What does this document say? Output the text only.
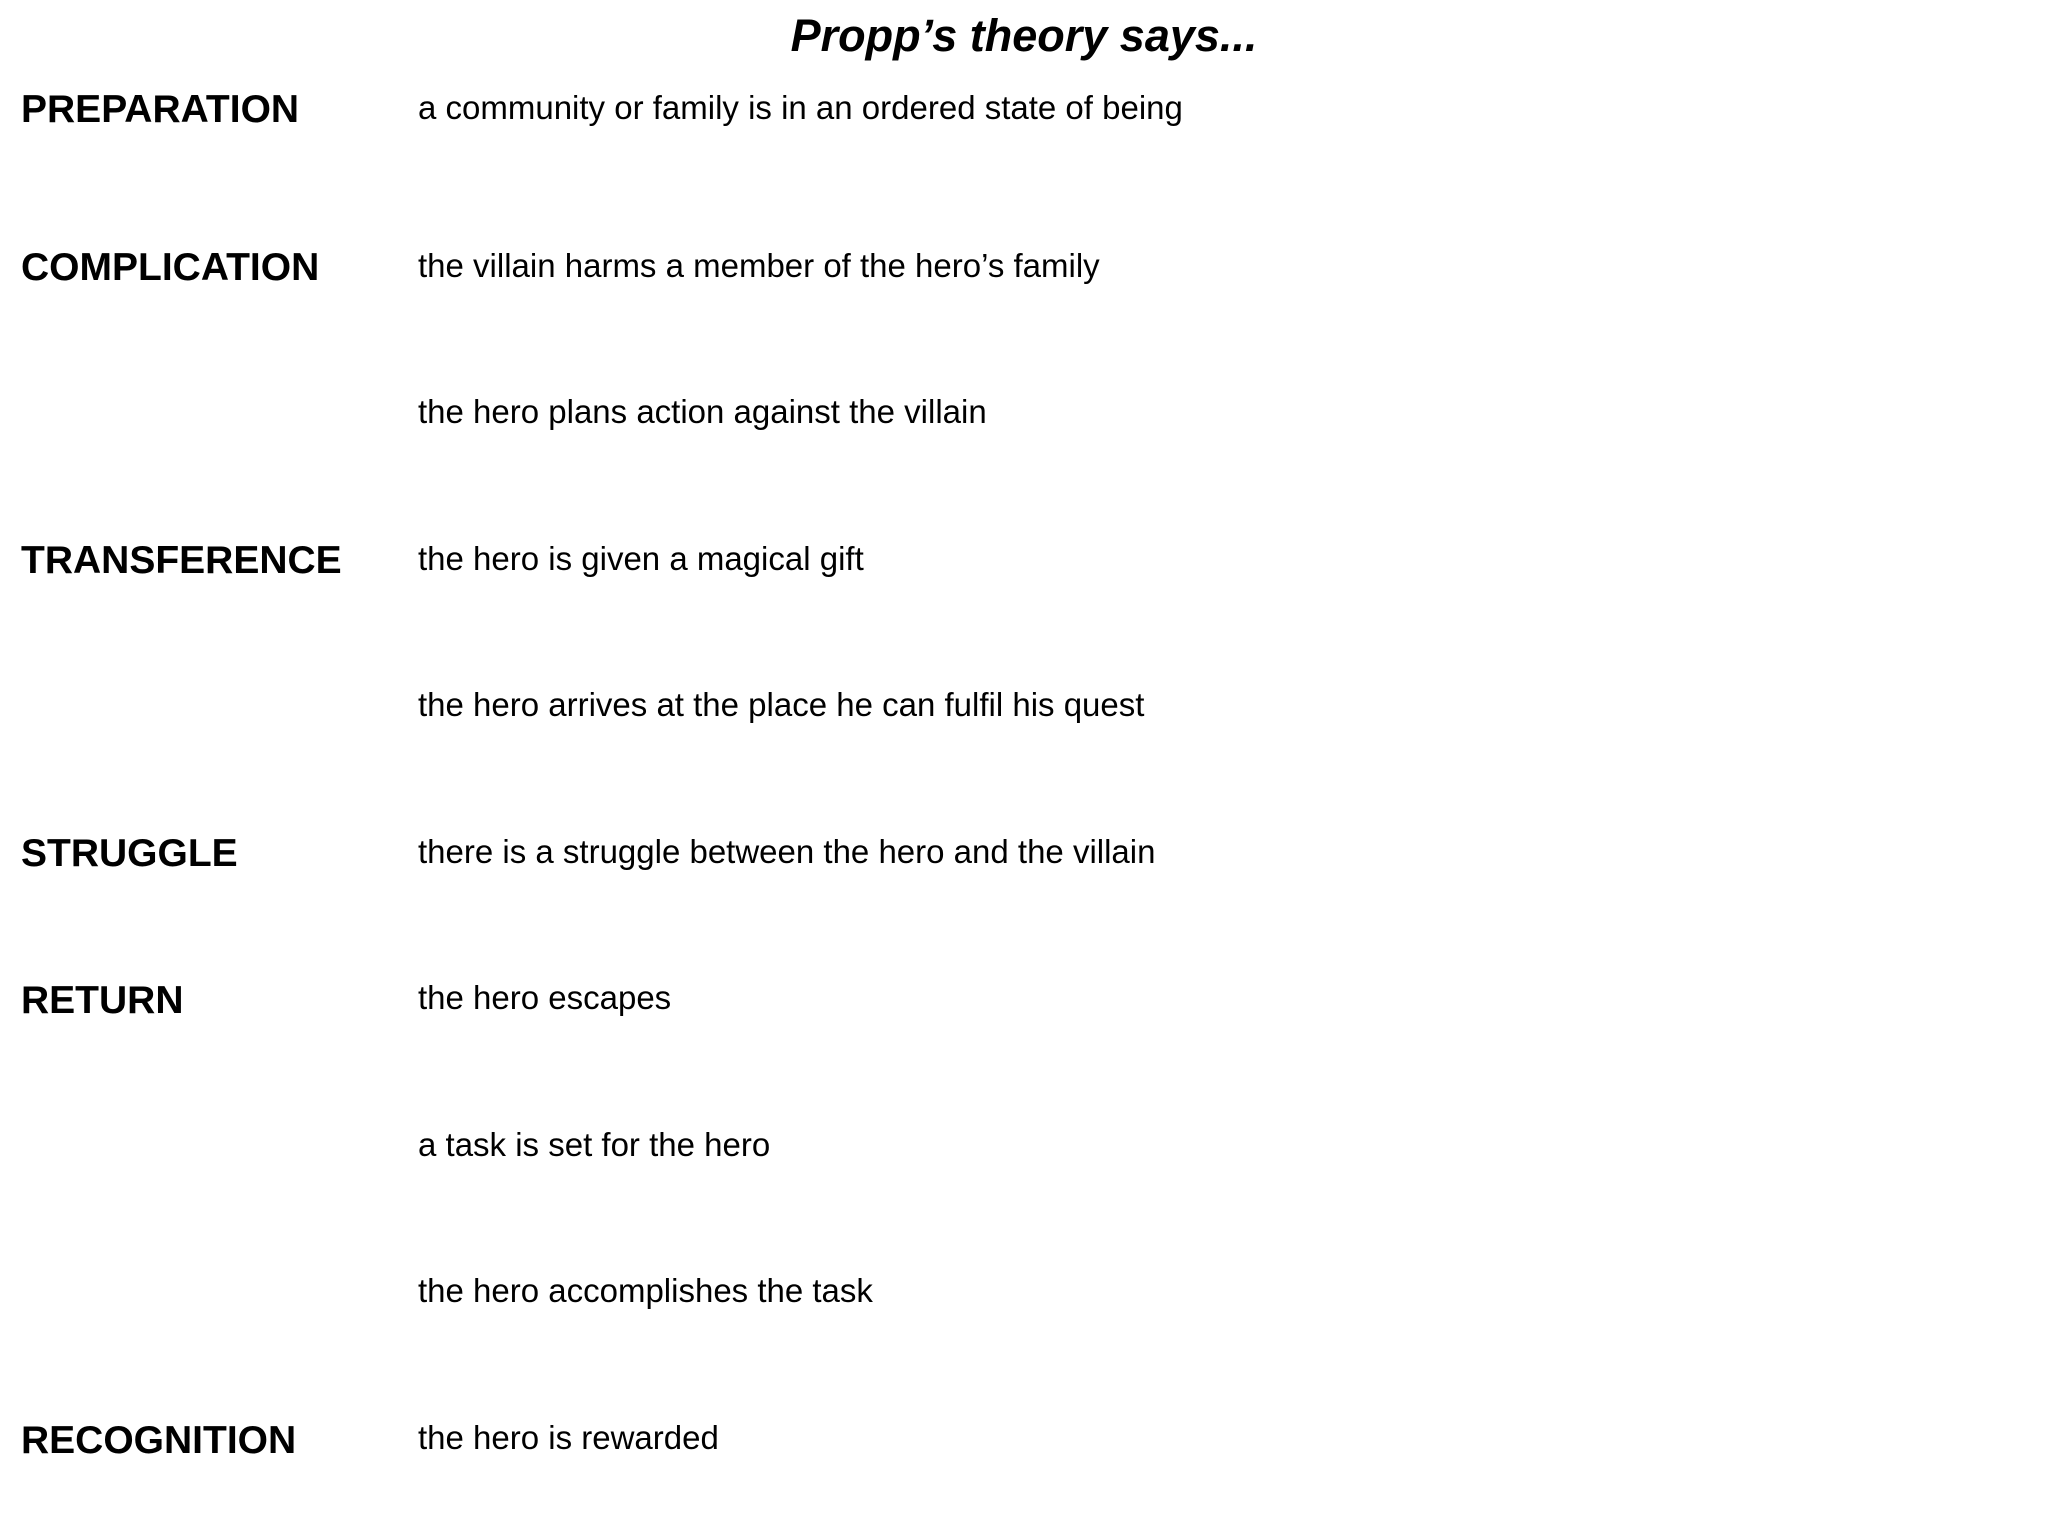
Propp’s theory says...
PREPARATION	a community or family is in an ordered state of being
COMPLICATION	the villain harms a member of the hero’s family
the hero plans action against the villain
TRANSFERENCE the hero is given a magical gift
the hero arrives at the place he can fulfil his quest
STRUGGLE	there is a struggle between the hero and the villain
RETURN	the hero escapes
a task is set for the hero
the hero accomplishes the task
RECOGNITION	the hero is rewarded
